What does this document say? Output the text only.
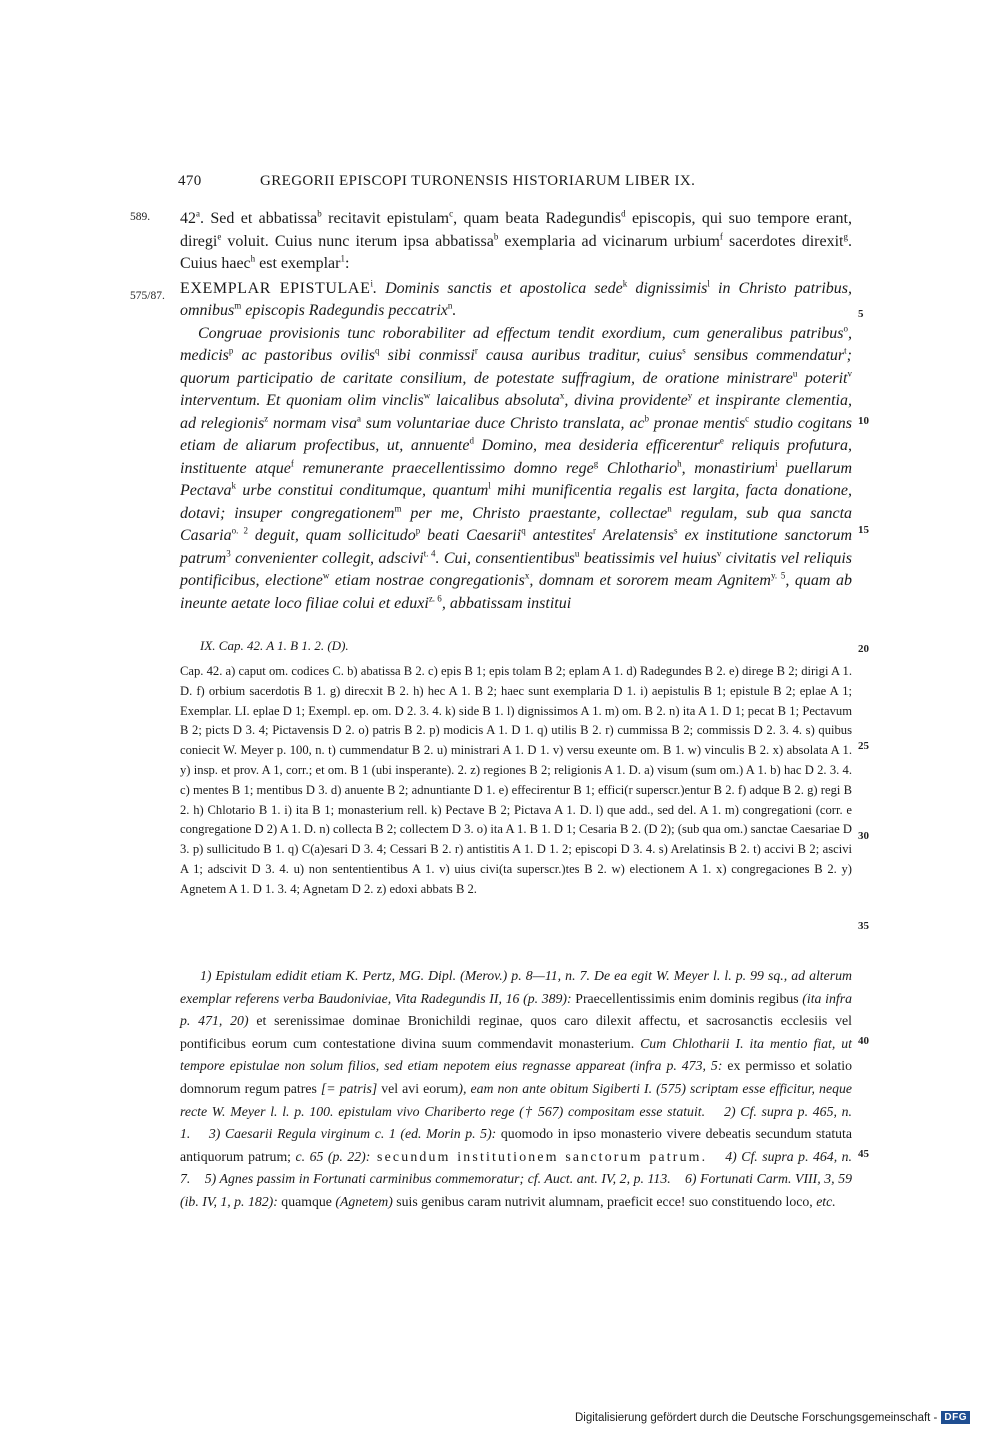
470	GREGORII EPISCOPI TURONENSIS HISTORIARUM LIBER IX.
589.
575/87.
5
10
15
20
25
30
35
40
45

42$^a$. Sed et abbatissa$^b$ recitavit epistulam$^c$, quam beata Radegundis$^d$ episcopis, qui suo tempore erant, diregi$^e$ voluit. Cuius nunc iterum ipsa abbatissa$^b$ exemplaria ad vicinarum urbium$^f$ sacerdotes direxit$^g$. Cuius haec$^h$ est exemplar$^1$:

EXEMPLAR EPISTULAE$^i$. Dominis sanctis et apostolica sede$^k$ dignissimis$^l$ in Christo patribus, omnibus$^m$ episcopis Radegundis peccatrix$^n$.

Congruae provisionis tunc roborabiliter ad effectum tendit exordium, cum generalibus patribus$^o$, medicis$^p$ ac pastoribus ovilis$^q$ sibi conmissi$^r$ causa auribus traditur, cuius$^s$ sensibus commendatur$^t$; quorum participatio de caritate consilium, de potestate suffragium, de oratione ministrare$^u$ poterit$^v$ interventum. Et quoniam olim vinclis$^w$ laicalibus absoluta$^x$, divina providente$^y$ et inspirante clementia, ad relegionis$^z$ normam visa$^a$ sum voluntariae duce Christo translata, $ac^b$ pronae mentis$^c$ studio cogitans etiam de aliarum profectibus, ut, annuente$^d$ Domino, mea desideria efficerentur$^e$ reliquis profutura, instituente atque$^f$ remunerante praecellentissimo domno rege$^g$ Chlothario$^h$, monastirium$^i$ puellarum Pectava$^k$ urbe constitui conditumque, quantum$^l$ mihi munificentia regalis est largita, facta donatione, dotavi; insuper congregationem$^m$ per me, Christo praestante, collectae$^n$ regulam, sub qua sancta Casaria$^{o. 2}$ deguit, quam sollicitudo$^p$ beati Caesarii$^q$ antestites$^r$ Arelatensis$^s$ ex institutione sanctorum patrum$^3$ convenienter collegit, adscivi$^{t. 4}$. Cui, consentientibus$^u$ beatissimis vel huius$^v$ civitatis vel reliquis pontificibus, electione$^w$ etiam nostrae congregationis$^x$, domnam et sororem meam Agnitem$^{y. 5}$, quam ab ineunte aetate loco filiae colui et eduxi$^{z. 6}$, abbatissam institui

IX. Cap. 42. A 1. B 1. 2. (D).

Cap. 42. a) caput om. codices C. b) abatissa B 2. c) epis B 1; epis tolam B 2; eplam A 1. d) Radegundes B 2. e) direge B 2; dirigi A 1. D. f) orbium sacerdotis B 1. g) direcxit B 2. h) hec A 1. B 2; haec sunt exemplaria D 1. i) aepistulis B 1; epistule B 2; eplae A 1; Exemplar. LI. eplae D 1; Exempl. ep. om. D 2. 3. 4. k) side B 1. l) dignissimos A 1. m) om. B 2. n) ita A 1. D 1; pecat B 1; Pectavum B 2; picts D 3. 4; Pictavensis D 2. o) patris B 2. p) modicis A 1. D 1. q) utilis B 2. r) cummissa B 2; commissis D 2. 3. 4. s) quibus coniecit W. Meyer p. 100, n. t) cummendatur B 2. u) ministrari A 1. D 1. v) versu exeunte om. B 1. w) vinculis B 2. x) absolata A 1. y) insp. et prov. A 1, corr.; et om. B 1 (ubi insperante). 2. z) regiones B 2; religionis A 1. D. a) visum (sum om.) A 1. b) hac D 2. 3. 4. c) mentes B 1; mentibus D 3. d) anuente B 2; adnuntiante D 1. e) effecirentur B 1; effici(r superscr.)entur B 2. f) adque B 2. g) regi B 2. h) Chlotario B 1. i) ita B 1; monasterium rell. k) Pectave B 2; Pictava A 1. D. l) que add., sed del. A 1. m) congregationi (corr. e congregatione D 2) A 1. D. n) collecta B 2; collectem D 3. o) ita A 1. B 1. D 1; Cesaria B 2. (D 2); (sub qua om.) sanctae Caesariae D 3. p) sullicitudo B 1. q) C(a)esari D 3. 4; Cessari B 2. r) antistitis A 1. D 1. 2; episcopi D 3. 4. s) Arelatinsis B 2. t) accivi B 2; ascivi A 1; adscivit D 3. 4. u) non sententientibus A 1. v) uius civi(ta superscr.)tes B 2. w) electionem A 1. x) congregaciones B 2. y) Agnetem A 1. D 1. 3. 4; Agnetam D 2. z) edoxi abbats B 2.

1) Epistulam edidit etiam K. Pertz, MG. Dipl. (Merov.) p. 8—11, n. 7. De ea egit W. Meyer l. l. p. 99 sq., ad alterum exemplar referens verba Baudoniviae, Vita Radegundis II, 16 (p. 389): Praecellentissimis enim dominis regibus (ita infra p. 471, 20) et serenissimae dominae Bronichildi reginae, quos caro dilexit affectu, et sacrosanctis ecclesiis vel pontificibus eorum cum contestatione divina suum commendavit monasterium. Cum Chlotharii I. ita mentio fiat, ut tempore epistulae non solum filios, sed etiam nepotem eius regnasse appareat (infra p. 473, 5: ex permisso et solatio domnorum regum patres [= patris] vel avi eorum), eam non ante obitum Sigiberti I. (575) scriptam esse efficitur, neque recte W. Meyer l. l. p. 100. epistulam vivo Chariberto rege († 567) compositam esse statuit. 2) Cf. supra p. 465, n. 1. 3) Caesarii Regula virginum c. 1 (ed. Morin p. 5): quomodo in ipso monasterio vivere debeatis secundum statuta antiquorum patrum; c. 65 (p. 22): secundum institutionem sanctorum patrum. 4) Cf. supra p. 464, n. 7. 5) Agnes passim in Fortunati carminibus commemoratur; cf. Auct. ant. IV, 2, p. 113. 6) Fortunati Carm. VIII, 3, 59 (ib. IV, 1, p. 182): quamque (Agnetem) suis genibus caram nutrivit alumnam, praeficit ecce! suo constituendo loco, etc.

Digitalisierung gefördert durch die Deutsche Forschungsgemeinschaft - DFG
